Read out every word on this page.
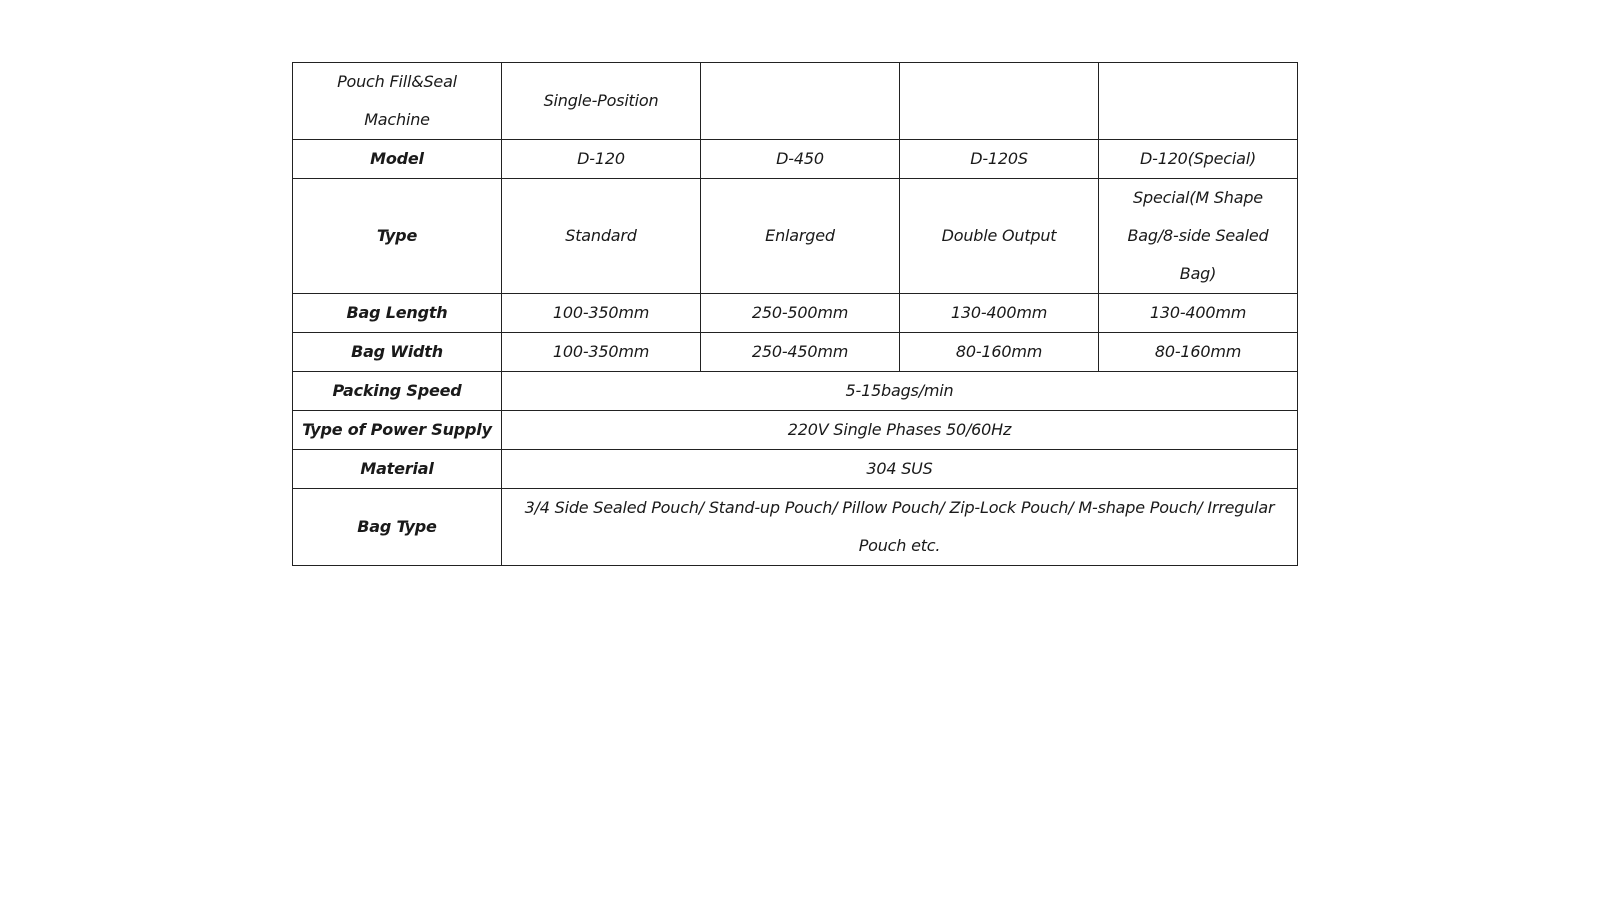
Pouch Fill&Seal Machine	Single-Position			
Model	D-120	D-450	D-120S	D-120(Special)
Type	Standard	Enlarged	Double Output	Special(M Shape Bag/8-side Sealed Bag)
Bag Length	100-350mm	250-500mm	130-400mm	130-400mm
Bag Width	100-350mm	250-450mm	80-160mm	80-160mm
Packing Speed	5-15bags/min			
Type of Power Supply	220V Single Phases 50/60Hz			
Material	304 SUS			
Bag Type	3/4 Side Sealed Pouch/ Stand-up Pouch/ Pillow Pouch/ Zip-Lock Pouch/ M-shape Pouch/ Irregular Pouch etc.			
